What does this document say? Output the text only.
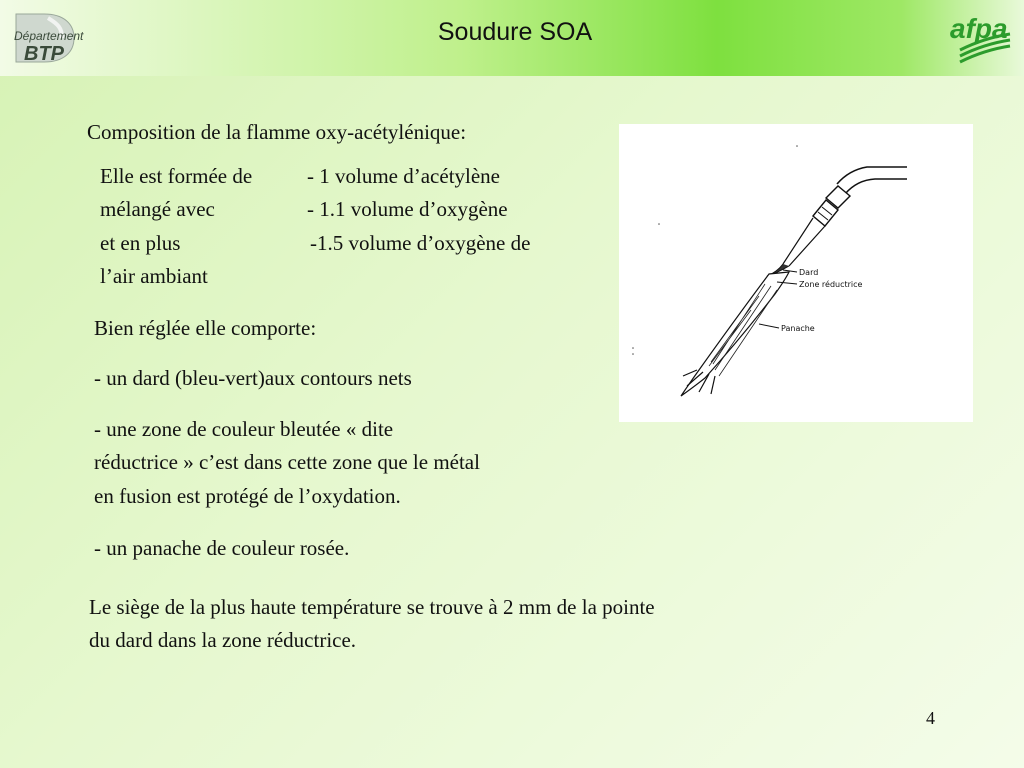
Département
BTP
Soudure SOA	afpa
Composition de la flamme oxy-acétylénique:
Elle est formée de	- 1 volume d’acétylène
mélangé avec	- 1.1 volume d’oxygène
et en plus	-1.5 volume d’oxygène de
l’air ambiant
Bien réglée elle comporte:
- un dard (bleu-vert)aux contours nets
- une zone de couleur bleutée « dite
réductrice » c’est dans cette zone que le métal
en fusion est protégé de l’oxydation.
- un panache de couleur rosée.
Le siège de la plus haute température se trouve à 2 mm de la pointe
du dard dans la zone réductrice.
Dard
Zone réductrice
Panache
4
